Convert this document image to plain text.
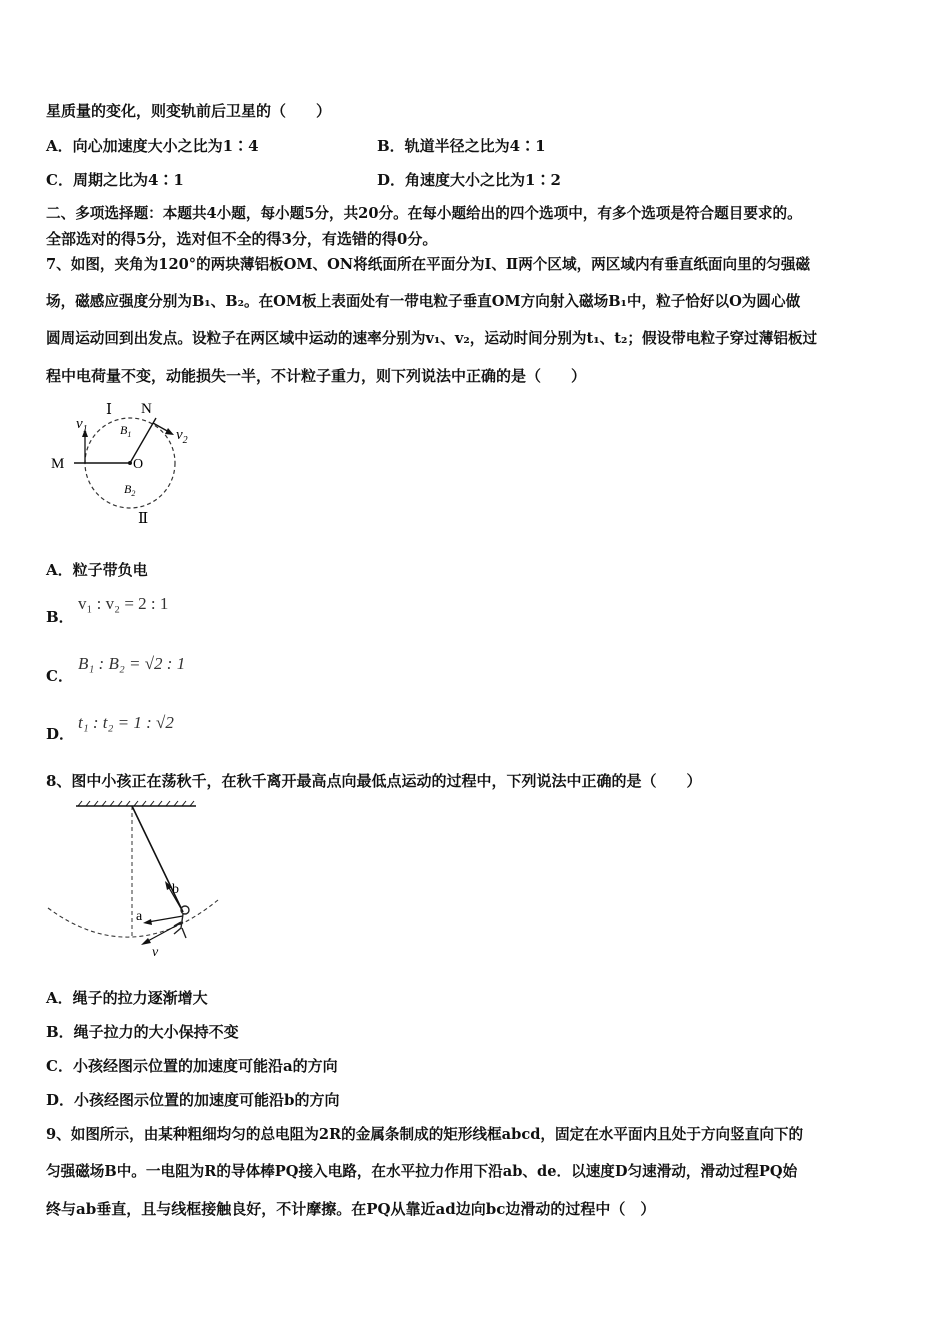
星质量的变化，则变轨前后卫星的（　　）
A．向心加速度大小之比为1∶4	B．轨道半径之比为4∶1
C．周期之比为4∶1	D．角速度大小之比为1∶2
二、多项选择题：本题共4小题，每小题5分，共20分。在每小题给出的四个选项中，有多个选项是符合题目要求的。
全部选对的得5分，选对但不全的得3分，有选错的得0分。
7、如图，夹角为120°的两块薄铝板OM、ON将纸面所在平面分为Ⅰ、Ⅱ两个区域，两区域内有垂直纸面向里的匀强磁
场，磁感应强度分别为B₁、B₂。在OM板上表面处有一带电粒子垂直OM方向射入磁场B₁中，粒子恰好以O为圆心做
圆周运动回到出发点。设粒子在两区域中运动的速率分别为v₁、v₂，运动时间分别为t₁、t₂；假设带电粒子穿过薄铝板过
程中电荷量不变，动能损失一半，不计粒子重力，则下列说法中正确的是（　　）
Ⅰ N
$v_1$	$B_1$	$v_2$
M	O
$B_2$
Ⅱ
A．粒子带负电
B．
v₁ : v₂ = 2 : 1
C．
B₁ : B₂ = √2 : 1
D．
t₁ : t₂ = 1 : √2
8、图中小孩正在荡秋千，在秋千离开最高点向最低点运动的过程中，下列说法中正确的是（　　）
b
a
v
A．绳子的拉力逐渐增大
B．绳子拉力的大小保持不变
C．小孩经图示位置的加速度可能沿a的方向
D．小孩经图示位置的加速度可能沿b的方向
9、如图所示，由某种粗细均匀的总电阻为2R的金属条制成的矩形线框abcd，固定在水平面内且处于方向竖直向下的
匀强磁场B中。一电阻为R的导体棒PQ接入电路，在水平拉力作用下沿ab、de．以速度D匀速滑动，滑动过程PQ始
终与ab垂直，且与线框接触良好，不计摩擦。在PQ从靠近ad边向bc边滑动的过程中（　）
